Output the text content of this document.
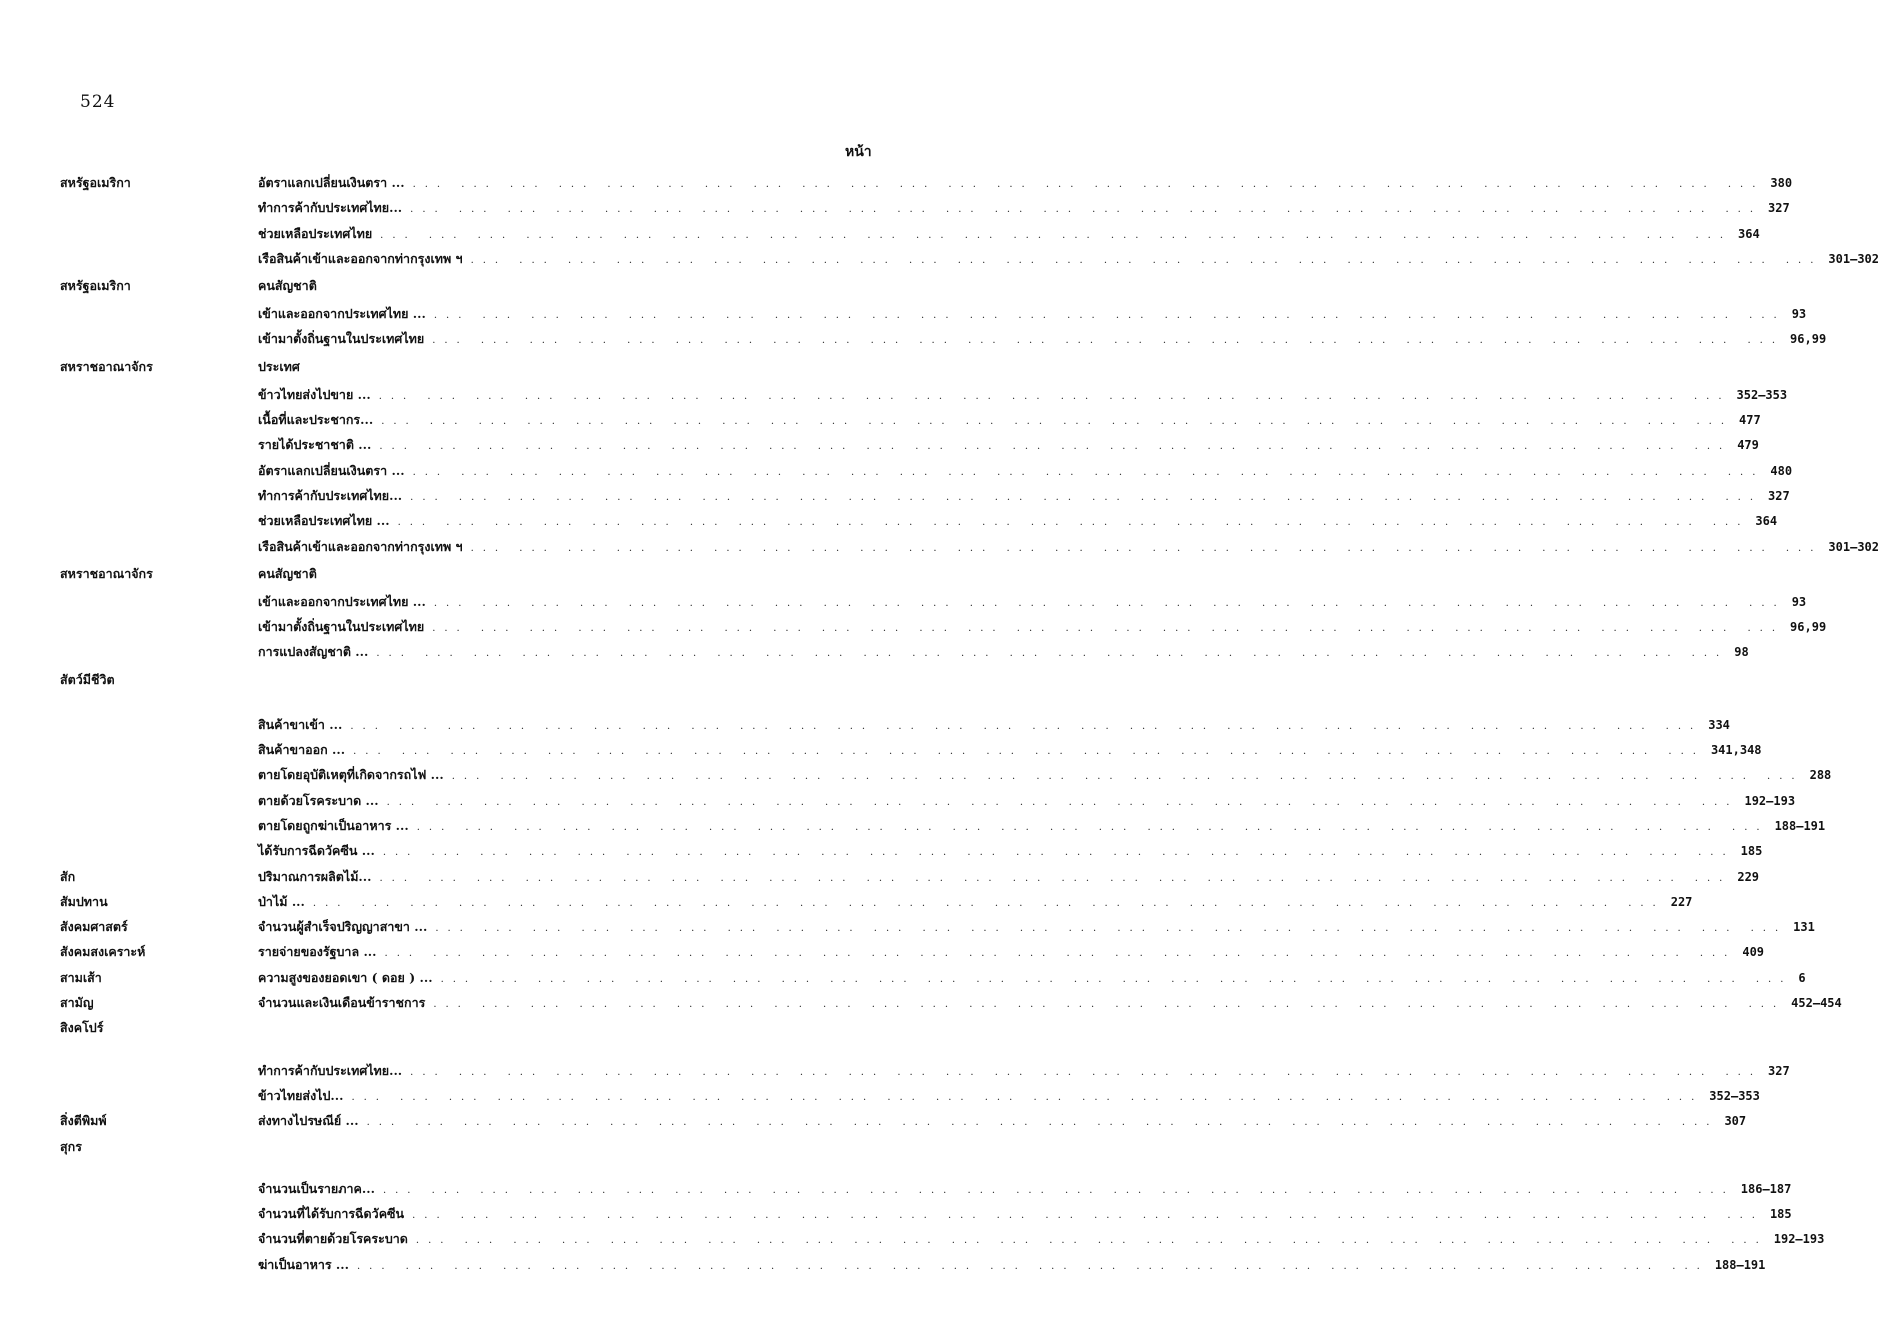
524
หน้า
สหรัฐอเมริกา	อัตราแลกเปลี่ยนเงินตรา ... ... ... ... ... ... ... ... ... ... ... ... ... ... ... ... ... ... ... ... ... ... ... ... ... ... ... ... ... 380
ทำการค้ากับประเทศไทย... ... ... ... ... ... ... ... ... ... ... ... ... ... ... ... ... ... ... ... ... ... ... ... ... ... ... ... ... 327
ช่วยเหลือประเทศไทย ... ... ... ... ... ... ... ... ... ... ... ... ... ... ... ... ... ... ... ... ... ... ... ... ... ... ... ... 364
เรือสินค้าเข้าและออกจากท่ากรุงเทพ ฯ ... ... ... ... ... ... ... ... ... ... ... ... ... ... ... ... ... ... ... ... ... ... ... ... ... ... ... ... 301—302
สหรัฐอเมริกา	คนสัญชาติ
เข้าและออกจากประเทศไทย ... ... ... ... ... ... ... ... ... ... ... ... ... ... ... ... ... ... ... ... ... ... ... ... ... ... ... ... ... 93
เข้ามาตั้งถิ่นฐานในประเทศไทย ... ... ... ... ... ... ... ... ... ... ... ... ... ... ... ... ... ... ... ... ... ... ... ... ... ... ... ... 96,99
สหราชอาณาจักร	ประเทศ
ข้าวไทยส่งไปขาย ... ... ... ... ... ... ... ... ... ... ... ... ... ... ... ... ... ... ... ... ... ... ... ... ... ... ... ... ... 352—353
เนื้อที่และประชากร... ... ... ... ... ... ... ... ... ... ... ... ... ... ... ... ... ... ... ... ... ... ... ... ... ... ... ... ... 477
รายได้ประชาชาติ ... ... ... ... ... ... ... ... ... ... ... ... ... ... ... ... ... ... ... ... ... ... ... ... ... ... ... ... ... 479
อัตราแลกเปลี่ยนเงินตรา ... ... ... ... ... ... ... ... ... ... ... ... ... ... ... ... ... ... ... ... ... ... ... ... ... ... ... ... ... 480
ทำการค้ากับประเทศไทย... ... ... ... ... ... ... ... ... ... ... ... ... ... ... ... ... ... ... ... ... ... ... ... ... ... ... ... ... 327
ช่วยเหลือประเทศไทย ... ... ... ... ... ... ... ... ... ... ... ... ... ... ... ... ... ... ... ... ... ... ... ... ... ... ... ... ... 364
เรือสินค้าเข้าและออกจากท่ากรุงเทพ ฯ ... ... ... ... ... ... ... ... ... ... ... ... ... ... ... ... ... ... ... ... ... ... ... ... ... ... ... ... 301—302
สหราชอาณาจักร	คนสัญชาติ
เข้าและออกจากประเทศไทย ... ... ... ... ... ... ... ... ... ... ... ... ... ... ... ... ... ... ... ... ... ... ... ... ... ... ... ... ... 93
เข้ามาตั้งถิ่นฐานในประเทศไทย ... ... ... ... ... ... ... ... ... ... ... ... ... ... ... ... ... ... ... ... ... ... ... ... ... ... ... ... 96,99
การแปลงสัญชาติ ... ... ... ... ... ... ... ... ... ... ... ... ... ... ... ... ... ... ... ... ... ... ... ... ... ... ... ... ... 98
สัตว์มีชีวิต
สินค้าขาเข้า ... ... ... ... ... ... ... ... ... ... ... ... ... ... ... ... ... ... ... ... ... ... ... ... ... ... ... ... ... 334
สินค้าขาออก ... ... ... ... ... ... ... ... ... ... ... ... ... ... ... ... ... ... ... ... ... ... ... ... ... ... ... ... ... 341,348
ตายโดยอุบัติเหตุที่เกิดจากรถไฟ ... ... ... ... ... ... ... ... ... ... ... ... ... ... ... ... ... ... ... ... ... ... ... ... ... ... ... ... ... 288
ตายด้วยโรคระบาด ... ... ... ... ... ... ... ... ... ... ... ... ... ... ... ... ... ... ... ... ... ... ... ... ... ... ... ... ... 192—193
ตายโดยถูกฆ่าเป็นอาหาร ... ... ... ... ... ... ... ... ... ... ... ... ... ... ... ... ... ... ... ... ... ... ... ... ... ... ... ... ... 188—191
ได้รับการฉีดวัคซีน ... ... ... ... ... ... ... ... ... ... ... ... ... ... ... ... ... ... ... ... ... ... ... ... ... ... ... ... ... 185
สัก	ปริมาณการผลิตไม้... ... ... ... ... ... ... ... ... ... ... ... ... ... ... ... ... ... ... ... ... ... ... ... ... ... ... ... ... 229
สัมปทาน	ป่าไม้ ... ... ... ... ... ... ... ... ... ... ... ... ... ... ... ... ... ... ... ... ... ... ... ... ... ... ... ... ... 227
สังคมศาสตร์	จำนวนผู้สำเร็จปริญญาสาขา ... ... ... ... ... ... ... ... ... ... ... ... ... ... ... ... ... ... ... ... ... ... ... ... ... ... ... ... ... 131
สังคมสงเคราะห์	รายจ่ายของรัฐบาล ... ... ... ... ... ... ... ... ... ... ... ... ... ... ... ... ... ... ... ... ... ... ... ... ... ... ... ... ... 409
สามเส้า	ความสูงของยอดเขา ( ดอย ) ... ... ... ... ... ... ... ... ... ... ... ... ... ... ... ... ... ... ... ... ... ... ... ... ... ... ... ... ... 6
สามัญ	จำนวนและเงินเดือนข้าราชการ ... ... ... ... ... ... ... ... ... ... ... ... ... ... ... ... ... ... ... ... ... ... ... ... ... ... ... ... 452—454
สิงคโปร์
ทำการค้ากับประเทศไทย... ... ... ... ... ... ... ... ... ... ... ... ... ... ... ... ... ... ... ... ... ... ... ... ... ... ... ... ... 327
ข้าวไทยส่งไป... ... ... ... ... ... ... ... ... ... ... ... ... ... ... ... ... ... ... ... ... ... ... ... ... ... ... ... ... 352—353
สิ่งตีพิมพ์	ส่งทางไปรษณีย์ ... ... ... ... ... ... ... ... ... ... ... ... ... ... ... ... ... ... ... ... ... ... ... ... ... ... ... ... ... 307
สุกร
จำนวนเป็นรายภาค... ... ... ... ... ... ... ... ... ... ... ... ... ... ... ... ... ... ... ... ... ... ... ... ... ... ... ... ... 186—187
จำนวนที่ได้รับการฉีดวัคซีน ... ... ... ... ... ... ... ... ... ... ... ... ... ... ... ... ... ... ... ... ... ... ... ... ... ... ... ... 185
จำนวนที่ตายด้วยโรคระบาด ... ... ... ... ... ... ... ... ... ... ... ... ... ... ... ... ... ... ... ... ... ... ... ... ... ... ... ... 192—193
ฆ่าเป็นอาหาร ... ... ... ... ... ... ... ... ... ... ... ... ... ... ... ... ... ... ... ... ... ... ... ... ... ... ... ... ... 188—191
